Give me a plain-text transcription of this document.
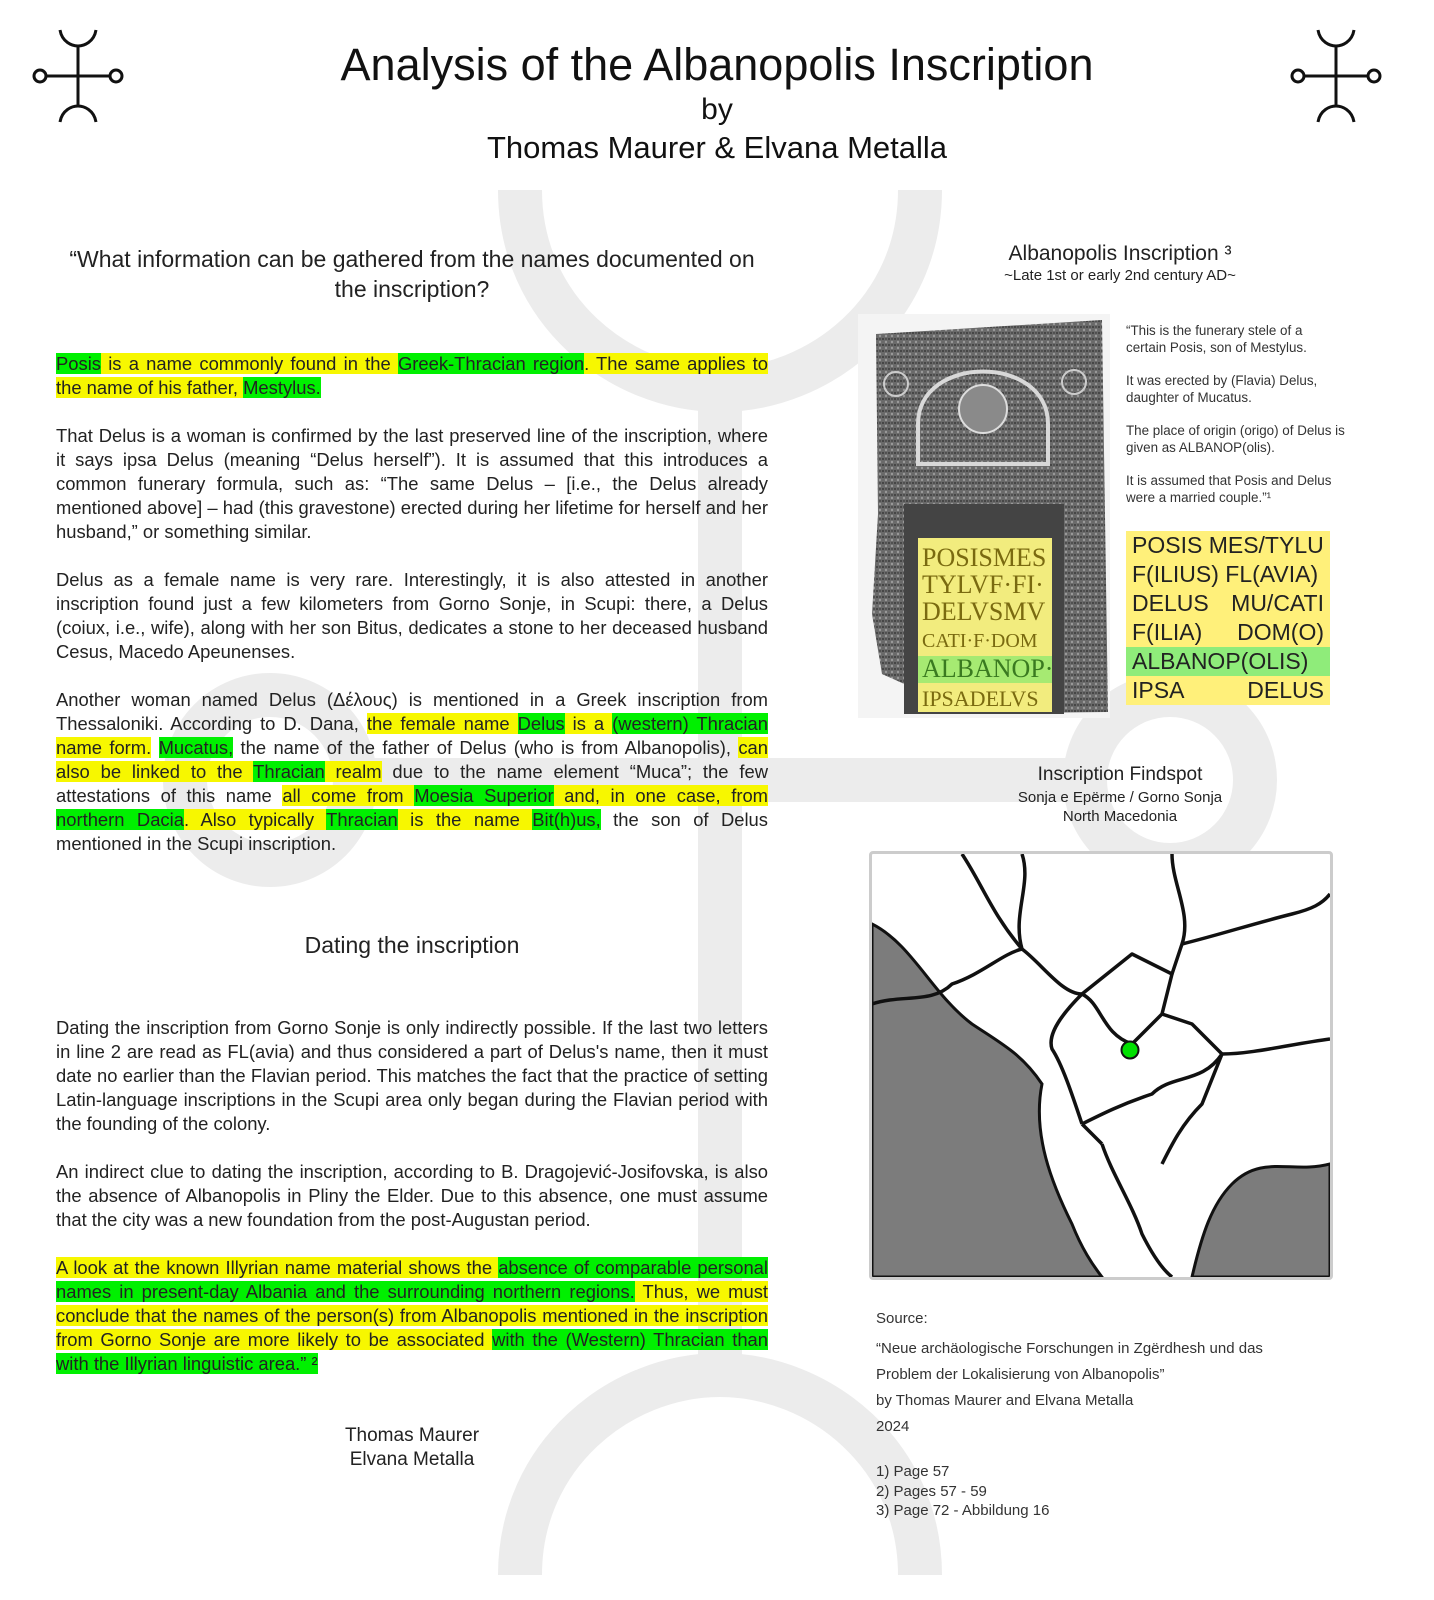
Analysis of the Albanopolis Inscription
by
Thomas Maurer & Elvana Metalla
“What information can be gathered from the names documented on the inscription?

Posis is a name commonly found in the Greek-Thracian region. The same applies to the name of his father, Mestylus.

That Delus is a woman is confirmed by the last preserved line of the inscription, where it says ipsa Delus (meaning “Delus herself”). It is assumed that this introduces a common funerary formula, such as: “The same Delus – [i.e., the Delus already mentioned above] – had (this gravestone) erected during her lifetime for herself and her husband,” or something similar.

Delus as a female name is very rare. Interestingly, it is also attested in another inscription found just a few kilometers from Gorno Sonje, in Scupi: there, a Delus (coiux, i.e., wife), along with her son Bitus, dedicates a stone to her deceased husband Cesus, Macedo Apeunenses.

Another woman named Delus (Δέλους) is mentioned in a Greek inscription from Thessaloniki. According to D. Dana, the female name Delus is a (western) Thracian name form. Mucatus, the name of the father of Delus (who is from Albanopolis), can also be linked to the Thracian realm due to the name element “Muca”; the few attestations of this name all come from Moesia Superior and, in one case, from northern Dacia. Also typically Thracian is the name Bit(h)us, the son of Delus mentioned in the Scupi inscription.

Dating the inscription

Dating the inscription from Gorno Sonje is only indirectly possible. If the last two letters in line 2 are read as FL(avia) and thus considered a part of Delus's name, then it must date no earlier than the Flavian period. This matches the fact that the practice of setting Latin-language inscriptions in the Scupi area only began during the Flavian period with the founding of the colony.

An indirect clue to dating the inscription, according to B. Dragojević-Josifovska, is also the absence of Albanopolis in Pliny the Elder. Due to this absence, one must assume that the city was a new foundation from the post-Augustan period.

A look at the known Illyrian name material shows the absence of comparable personal names in present-day Albania and the surrounding northern regions. Thus, we must conclude that the names of the person(s) from Albanopolis mentioned in the inscription from Gorno Sonje are more likely to be associated with the (Western) Thracian than with the Illyrian linguistic area.” ²

Thomas Maurer
Elvana Metalla
Albanopolis Inscription ³
~Late 1st or early 2nd century AD~
POSISMES
TYLVF·FI·
DELVSMV
CATI·F·DOM
ALBANOP·
IPSADELVS

“This is the funerary stele of a certain Posis, son of Mestylus.

It was erected by (Flavia) Delus, daughter of Mucatus.

The place of origin (origo) of Delus is given as ALBANOP(olis).

It is assumed that Posis and Delus were a married couple.”¹

POSIS MES/TYLU
F(ILIUS) FL(AVIA)
DELUS MU/CATI
F(ILIA) DOM(O)
ALBANOP(OLIS)
IPSA	DELUS
Inscription Findspot
Sonja e Epërme / Gorno Sonja
North Macedonia

Source:

“Neue archäologische Forschungen in Zgërdhesh und das

Problem der Lokalisierung von Albanopolis”

by Thomas Maurer and Elvana Metalla

2024

1) Page 57
2) Pages 57 - 59
3) Page 72 - Abbildung 16
